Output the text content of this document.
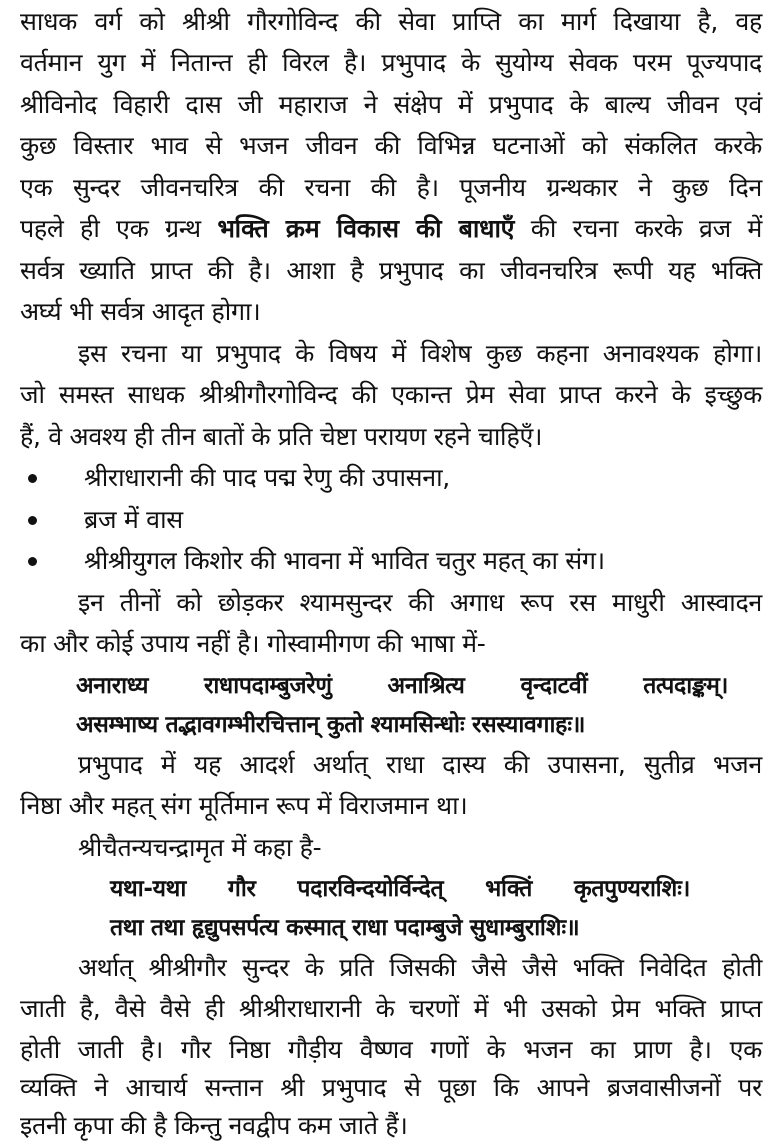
साधक वर्ग को श्रीश्री गौरगोविन्द की सेवा प्राप्ति का मार्ग दिखाया है, वह
वर्तमान युग में नितान्त ही विरल है। प्रभुपाद के सुयोग्य सेवक परम पूज्यपाद
श्रीविनोद विहारी दास जी महाराज ने संक्षेप में प्रभुपाद के बाल्य जीवन एवं
कुछ विस्तार भाव से भजन जीवन की विभिन्न घटनाओं को संकलित करके
एक सुन्दर जीवनचरित्र की रचना की है। पूजनीय ग्रन्थकार ने कुछ दिन
पहले ही एक ग्रन्थ भक्ति क्रम विकास की बाधाएँ की रचना करके व्रज में
सर्वत्र ख्याति प्राप्त की है। आशा है प्रभुपाद का जीवनचरित्र रूपी यह भक्ति
अर्घ्य भी सर्वत्र आदृत होगा।
इस रचना या प्रभुपाद के विषय में विशेष कुछ कहना अनावश्यक होगा।
जो समस्त साधक श्रीश्रीगौरगोविन्द की एकान्त प्रेम सेवा प्राप्त करने के इच्छुक
हैं, वे अवश्य ही तीन बातों के प्रति चेष्टा परायण रहने चाहिएँ।
श्रीराधारानी की पाद पद्म रेणु की उपासना,
ब्रज में वास
श्रीश्रीयुगल किशोर की भावना में भावित चतुर महत् का संग।
इन तीनों को छोड़कर श्यामसुन्दर की अगाध रूप रस माधुरी आस्वादन
का और कोई उपाय नहीं है। गोस्वामीगण की भाषा में-
अनाराध्य राधापदाम्बुजरेणुं अनाश्रित्य वृन्दाटवीं तत्पदाङ्कम्।
असम्भाष्य तद्भावगम्भीरचित्तान् कुतो श्यामसिन्धोः रसस्यावगाहः॥
प्रभुपाद में यह आदर्श अर्थात् राधा दास्य की उपासना, सुतीव्र भजन
निष्ठा और महत् संग मूर्तिमान रूप में विराजमान था।
श्रीचैतन्यचन्द्रामृत में कहा है-
यथा-यथा गौर पदारविन्दयोर्विन्देत् भक्तिं कृतपुण्यराशिः।
तथा तथा हृद्युपसर्पत्य कस्मात् राधा पदाम्बुजे सुधाम्बुराशिः॥
अर्थात् श्रीश्रीगौर सुन्दर के प्रति जिसकी जैसे जैसे भक्ति निवेदित होती
जाती है, वैसे वैसे ही श्रीश्रीराधारानी के चरणों में भी उसको प्रेम भक्ति प्राप्त
होती जाती है। गौर निष्ठा गौड़ीय वैष्णव गणों के भजन का प्राण है। एक
व्यक्ति ने आचार्य सन्तान श्री प्रभुपाद से पूछा कि आपने ब्रजवासीजनों पर
इतनी कृपा की है किन्तु नवद्वीप कम जाते हैं।
